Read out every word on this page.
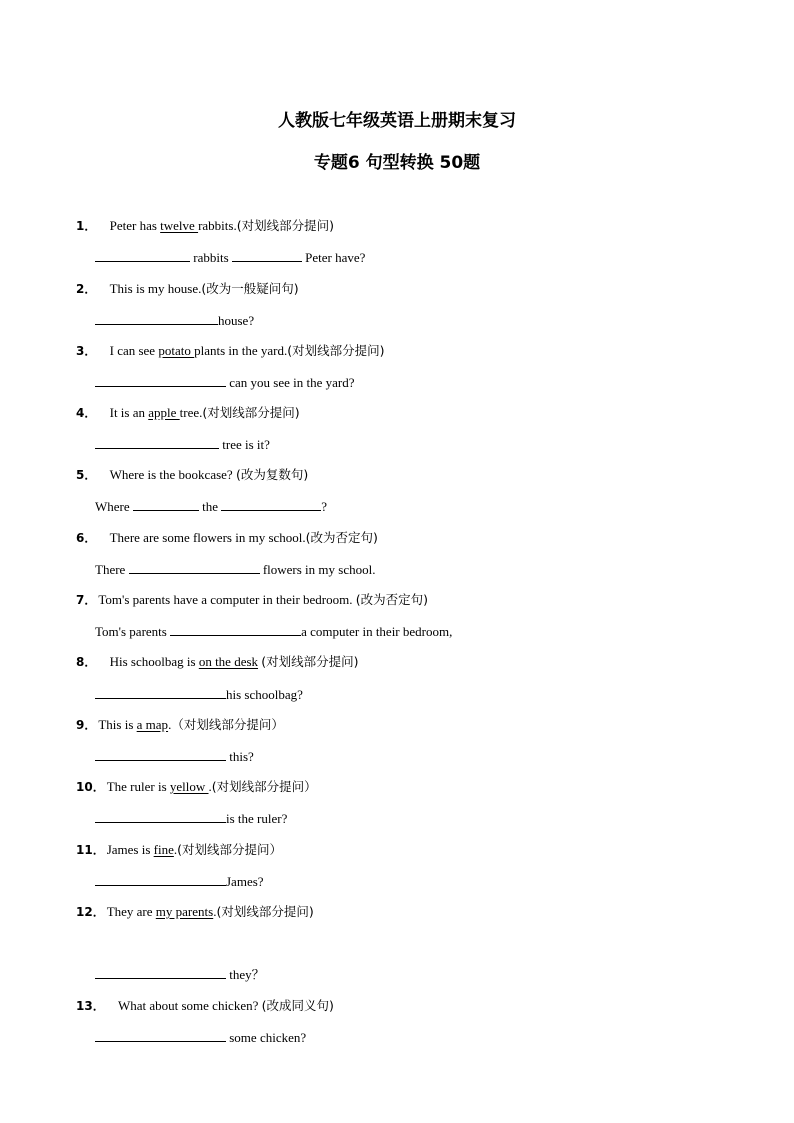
人教版七年级英语上册期末复习
专题6 句型转换 50题
1． Peter has twelve rabbits.(对划线部分提问)
rabbits	Peter have?
2． This is my house.(改为一般疑问句)
house?
3． I can see potato plants in the yard.(对划线部分提问)
can you see in the yard?
4． It is an apple tree.(对划线部分提问)
tree is it?
5． Where is the bookcase? (改为复数句)
Where	the	?
6． There are some flowers in my school.(改为否定句)
There	flowers in my school.
7． Tom's parents have a computer in their bedroom. (改为否定句)
Tom's parents	a computer in their bedroom,
8． His schoolbag is on the desk (对划线部分提问)
his schoolbag?
9． This is a map.（对划线部分提问）
this?
10． The ruler is yellow .(对划线部分提问）
is the ruler?
11． James is fine.(对划线部分提问）
James?
12． They are my parents.(对划线部分提问)
they？
13． What about some chicken? (改成同义句)
some chicken?
